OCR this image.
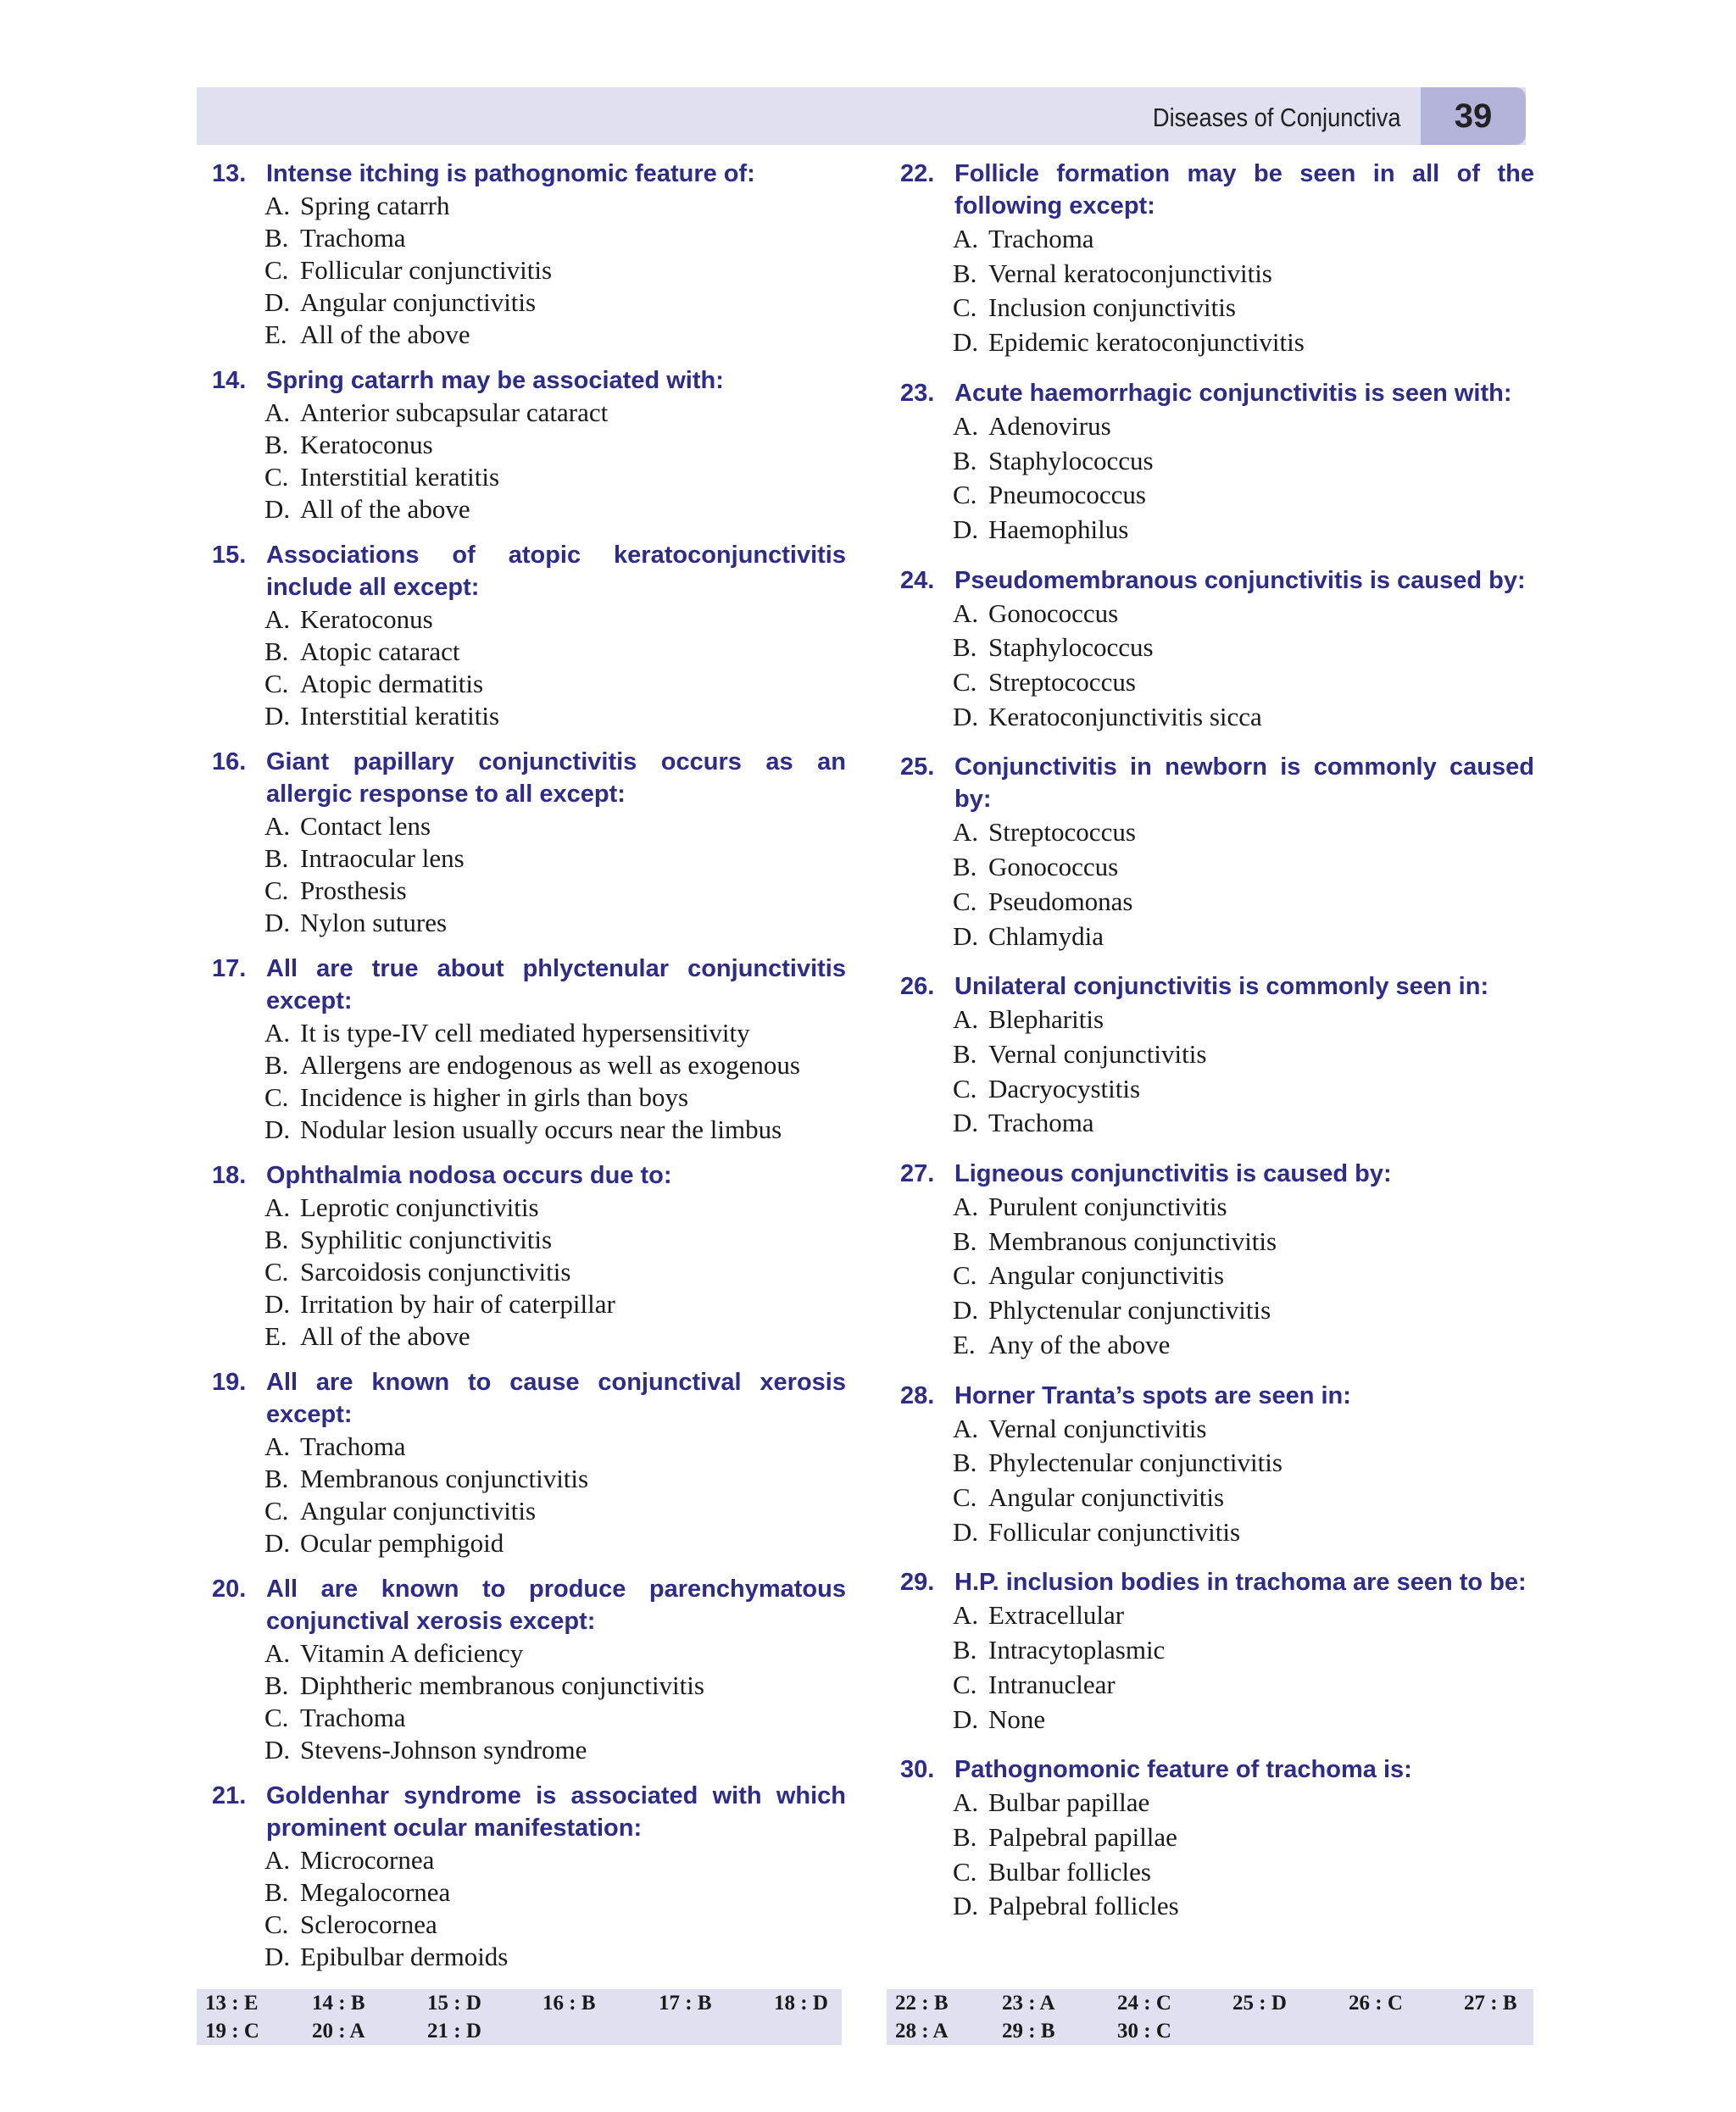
Diseases of Conjunctiva	39
13. Intense itching is pathognomic feature of:
A. Spring catarrh
B. Trachoma
C. Follicular conjunctivitis
D. Angular conjunctivitis
E. All of the above
14. Spring catarrh may be associated with:
A. Anterior subcapsular cataract
B. Keratoconus
C. Interstitial keratitis
D. All of the above
15. Associations of atopic keratoconjunctivitis include all except:
A. Keratoconus
B. Atopic cataract
C. Atopic dermatitis
D. Interstitial keratitis
16. Giant papillary conjunctivitis occurs as an allergic response to all except:
A. Contact lens
B. Intraocular lens
C. Prosthesis
D. Nylon sutures
17. All are true about phlyctenular conjunctivitis except:
A. It is type-IV cell mediated hypersensitivity
B. Allergens are endogenous as well as exogenous
C. Incidence is higher in girls than boys
D. Nodular lesion usually occurs near the limbus
18. Ophthalmia nodosa occurs due to:
A. Leprotic conjunctivitis
B. Syphilitic conjunctivitis
C. Sarcoidosis conjunctivitis
D. Irritation by hair of caterpillar
E. All of the above
19. All are known to cause conjunctival xerosis except:
A. Trachoma
B. Membranous conjunctivitis
C. Angular conjunctivitis
D. Ocular pemphigoid
20. All are known to produce parenchymatous conjunctival xerosis except:
A. Vitamin A deficiency
B. Diphtheric membranous conjunctivitis
C. Trachoma
D. Stevens-Johnson syndrome
21. Goldenhar syndrome is associated with which prominent ocular manifestation:
A. Microcornea
B. Megalocornea
C. Sclerocornea
D. Epibulbar dermoids
22. Follicle formation may be seen in all of the following except:
A. Trachoma
B. Vernal keratoconjunctivitis
C. Inclusion conjunctivitis
D. Epidemic keratoconjunctivitis
23. Acute haemorrhagic conjunctivitis is seen with:
A. Adenovirus
B. Staphylococcus
C. Pneumococcus
D. Haemophilus
24. Pseudomembranous conjunctivitis is caused by:
A. Gonococcus
B. Staphylococcus
C. Streptococcus
D. Keratoconjunctivitis sicca
25. Conjunctivitis in newborn is commonly caused by:
A. Streptococcus
B. Gonococcus
C. Pseudomonas
D. Chlamydia
26. Unilateral conjunctivitis is commonly seen in:
A. Blepharitis
B. Vernal conjunctivitis
C. Dacryocystitis
D. Trachoma
27. Ligneous conjunctivitis is caused by:
A. Purulent conjunctivitis
B. Membranous conjunctivitis
C. Angular conjunctivitis
D. Phlyctenular conjunctivitis
E. Any of the above
28. Horner Tranta’s spots are seen in:
A. Vernal conjunctivitis
B. Phylectenular conjunctivitis
C. Angular conjunctivitis
D. Follicular conjunctivitis
29. H.P. inclusion bodies in trachoma are seen to be:
A. Extracellular
B. Intracytoplasmic
C. Intranuclear
D. None
30. Pathognomonic feature of trachoma is:
A. Bulbar papillae
B. Palpebral papillae
C. Bulbar follicles
D. Palpebral follicles
13 : E	14 : B	15 : D	16 : B	17 : B	18 : D
19 : C 20 : A	21 : D
22 : B	23 : A	24 : C	25 : D	26 : C	27 : B
28 : A	29 : B	30 : C
